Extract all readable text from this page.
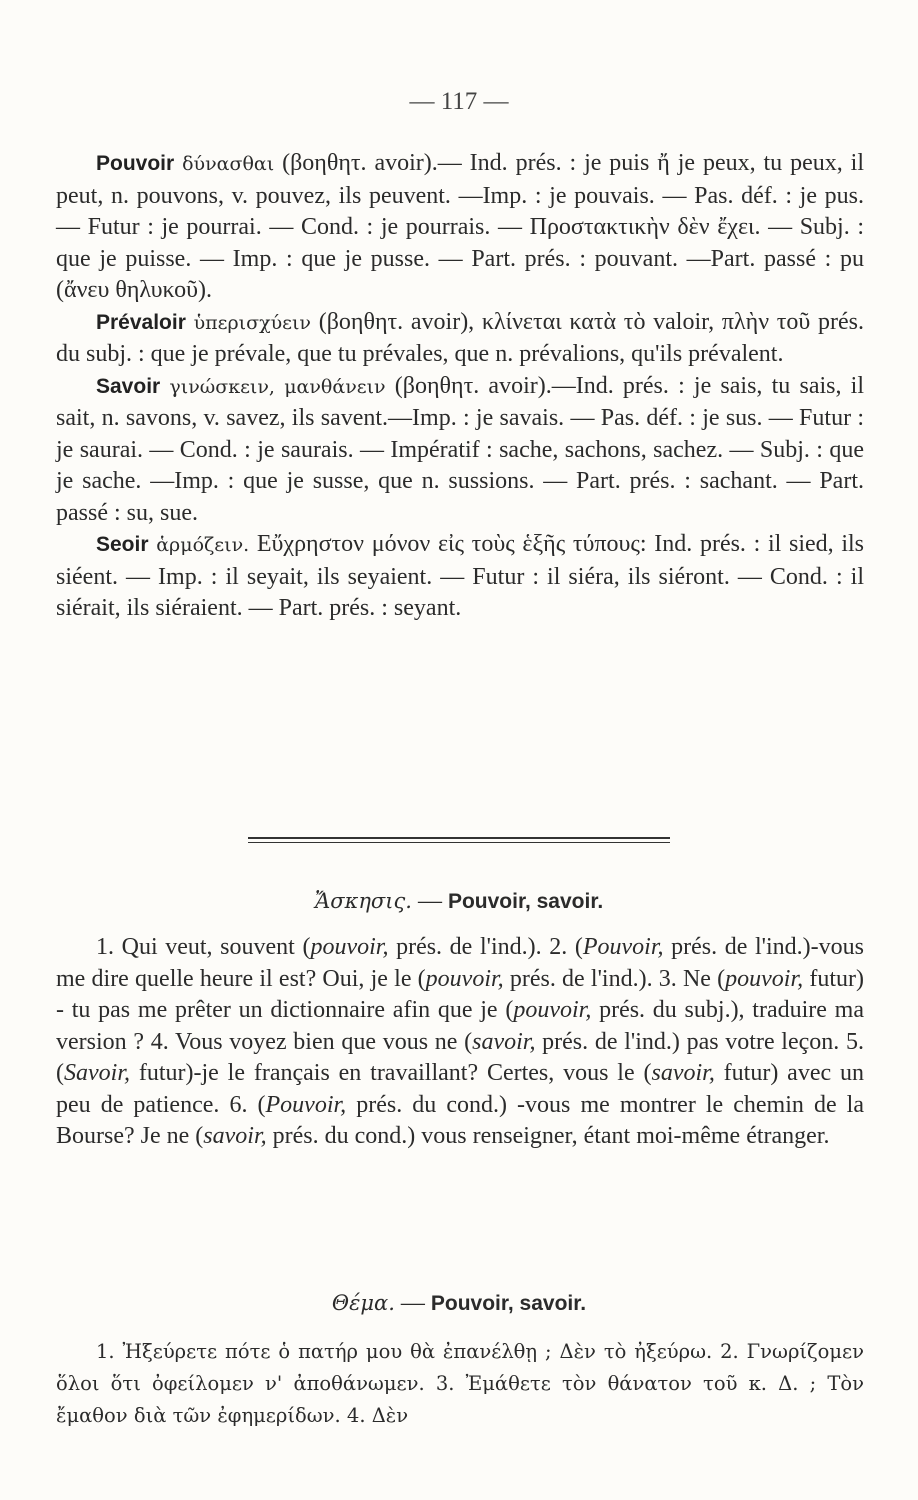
— 117 —

Pouvoir δύνασθαι (βοηθητ. avoir).— Ind. prés. : je puis ἤ je peux, tu peux, il peut, n. pouvons, v. pouvez, ils peuvent. —Imp. : je pouvais. — Pas. déf. : je pus. — Futur : je pourrai. — Cond. : je pourrais. — Προστακτικὴν δὲν ἔχει. — Subj. : que je puisse. — Imp. : que je pusse. — Part. prés. : pouvant. —Part. passé : pu (ἄνευ θηλυκοῦ).

Prévaloir ὑπερισχύειν (βοηθητ. avoir), κλίνεται κατὰ τὸ valoir, πλὴν τοῦ prés. du subj. : que je prévale, que tu prévales, que n. prévalions, qu'ils prévalent.

Savoir γινώσκειν, μανθάνειν (βοηθητ. avoir).—Ind. prés. : je sais, tu sais, il sait, n. savons, v. savez, ils savent.—Imp. : je savais. — Pas. déf. : je sus. — Futur : je saurai. — Cond. : je saurais. — Impératif : sache, sachons, sachez. — Subj. : que je sache. —Imp. : que je susse, que n. sussions. — Part. prés. : sachant. — Part. passé : su, sue.

Seoir ἁρμόζειν. Εὔχρηστον μόνον εἰς τοὺς ἑξῆς τύπους: Ind. prés. : il sied, ils siéent. — Imp. : il seyait, ils seyaient. — Futur : il siéra, ils siéront. — Cond. : il siérait, ils siéraient. — Part. prés. : seyant.

Ἄσκησις. — Pouvoir, savoir.

1. Qui veut, souvent (pouvoir, prés. de l'ind.). 2. (Pouvoir, prés. de l'ind.)-vous me dire quelle heure il est? Oui, je le (pouvoir, prés. de l'ind.). 3. Ne (pouvoir, futur) - tu pas me prêter un dictionnaire afin que je (pouvoir, prés. du subj.), traduire ma version ? 4. Vous voyez bien que vous ne (savoir, prés. de l'ind.) pas votre leçon. 5. (Savoir, futur)-je le français en travaillant? Certes, vous le (savoir, futur) avec un peu de patience. 6. (Pouvoir, prés. du cond.) -vous me montrer le chemin de la Bourse? Je ne (savoir, prés. du cond.) vous renseigner, étant moi-même étranger.

Θέμα. — Pouvoir, savoir.

1. Ἠξεύρετε πότε ὁ πατήρ μου θὰ ἐπανέλθῃ ; Δὲν τὸ ἠξεύρω. 2. Γνωρίζομεν ὅλοι ὅτι ὀφείλομεν ν' ἀποθάνωμεν. 3. Ἐμάθετε τὸν θάνατον τοῦ κ. Δ. ; Τὸν ἔμαθον διὰ τῶν ἐφημερίδων. 4. Δὲν
